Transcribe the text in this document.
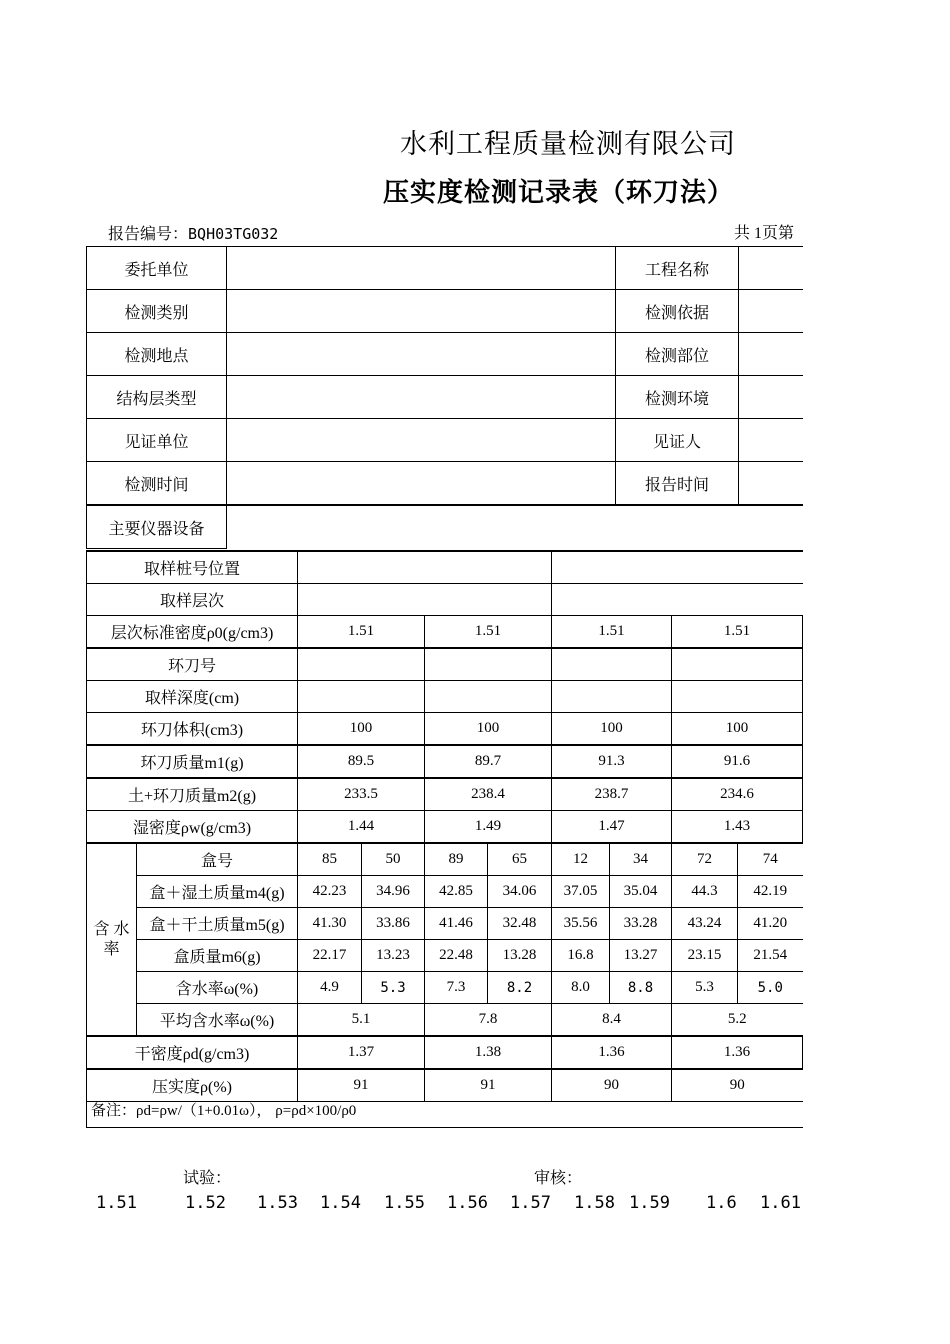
水利工程质量检测有限公司
压实度检测记录表（环刀法）
报告编号：BQH03TG032	共 1页第
委托单位		工程名称	
检测类别		检测依据	
检测地点		检测部位	
结构层类型		检测环境	
见证单位		见证人	
检测时间		报告时间	
主要仪器设备			
取样桩号位置									
取样层次									
层次标准密度ρ0(g/cm3)		1.51		1.51		1.51		1.51	
环刀号									
取样深度(cm)									
环刀体积(cm3)		100		100		100		100	
环刀质量m1(g)		89.5		89.7		91.3		91.6	
土+环刀质量m2(g)		233.5		238.4		238.7		234.6	
湿密度ρw(g/cm3)		1.44		1.49		1.47		1.43	
含 水率	盒号	85	50	89	65	12	34	72	74
	盒＋湿土质量m4(g)	42.23	34.96	42.85	34.06	37.05	35.04	44.3	42.19
	盒＋干土质量m5(g)	41.30	33.86	41.46	32.48	35.56	33.28	43.24	41.20
	盒质量m6(g)	22.17	13.23	22.48	13.28	16.8	13.27	23.15	21.54
	含水率ω(%)	4.9	5.3	7.3	8.2	8.0	8.8	5.3	5.0
	平均含水率ω(%)	5.1		7.8		8.4		5.2	
干密度ρd(g/cm3)		1.37		1.38		1.36		1.36	
压实度ρ(%)		91		91		90		90	
备注：ρd=ρw/（1+0.01ω）， ρ=ρd×100/ρ0
试验：	审核：
1.51	1.52 1.53 1.54 1.55 1.56 1.57 1.58 1.59 1.6 1.61
